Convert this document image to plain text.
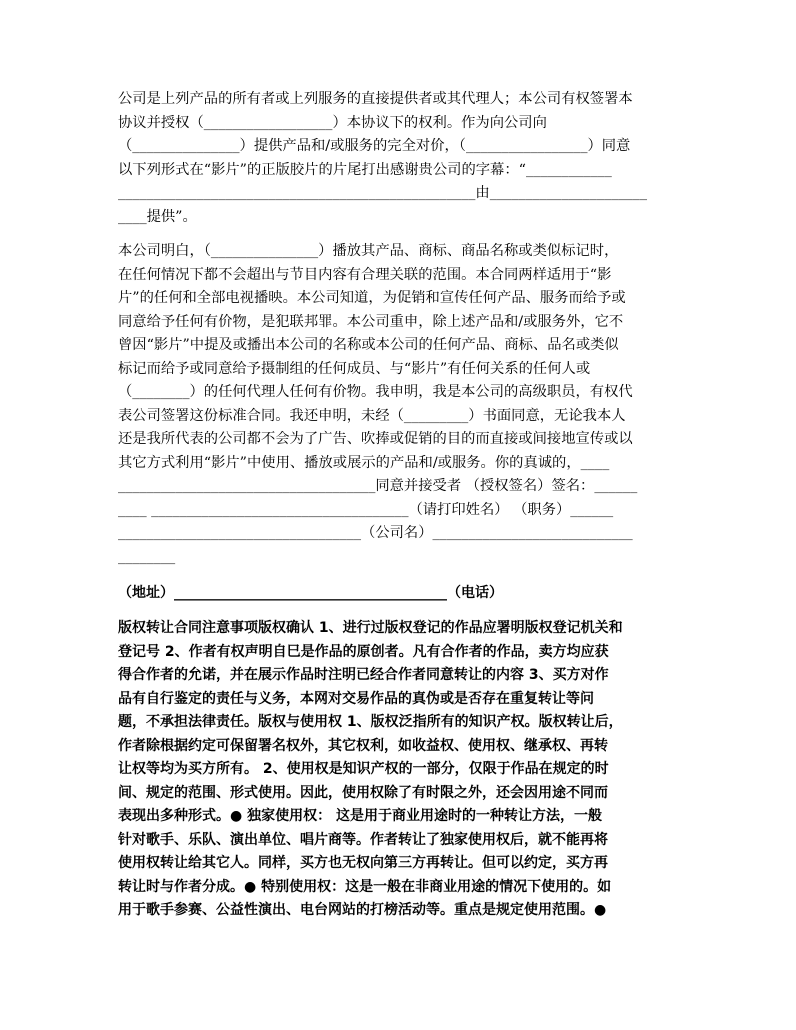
公司是上列产品的所有者或上列服务的直接提供者或其代理人；本公司有权签署本
协议并授权（__________________）本协议下的权利。作为向公司向
（_______________）提供产品和/或服务的完全对价，（_________________）同意
以下列形式在“影片”的正版胶片的片尾打出感谢贵公司的字幕：“____________
__________________________________________________由______________________
____提供”。
本公司明白，（_______________）播放其产品、商标、商品名称或类似标记时，
在任何情况下都不会超出与节目内容有合理关联的范围。本合同两样适用于“影
片”的任何和全部电视播映。本公司知道，为促销和宣传任何产品、服务而给予或
同意给予任何有价物，是犯联邦罪。本公司重申，除上述产品和/或服务外，它不
曾因“影片”中提及或播出本公司的名称或本公司的任何产品、商标、品名或类似
标记而给予或同意给予摄制组的任何成员、与“影片”有任何关系的任何人或
（________）的任何代理人任何有价物。我申明，我是本公司的高级职员，有权代
表公司签署这份标准合同。我还申明，未经（_________）书面同意，无论我本人
还是我所代表的公司都不会为了广告、吹捧或促销的目的而直接或间接地宣传或以
其它方式利用“影片”中使用、播放或展示的产品和/或服务。你的真诚的，____
____________________________________同意并接受者 （授权签名）签名：______
____ ____________________________________（请打印姓名） （职务）______
__________________________________（公司名）____________________________
________
（地址）_______________________________________（电话）
版权转让合同注意事项版权确认 1、进行过版权登记的作品应署明版权登记机关和
登记号 2、作者有权声明自巳是作品的原创者。凡有合作者的作品，卖方均应获
得合作者的允诺，并在展示作品时注明已经合作者同意转让的内容 3、买方对作
品有自行鉴定的责任与义务，本网对交易作品的真伪或是否存在重复转让等问
题，不承担法律责任。版权与使用权 1、版权泛指所有的知识产权。版权转让后，
作者除根据约定可保留署名权外，其它权利，如收益权、使用权、继承权、再转
让权等均为买方所有。 2、使用权是知识产权的一部分，仅限于作品在规定的时
间、规定的范围、形式使用。因此，使用权除了有时限之外，还会因用途不同而
表现出多种形式。● 独家使用权： 这是用于商业用途时的一种转让方法，一般
针对歌手、乐队、演出单位、唱片商等。作者转让了独家使用权后，就不能再将
使用权转让给其它人。同样，买方也无权向第三方再转让。但可以约定，买方再
转让时与作者分成。● 特别使用权：这是一般在非商业用途的情况下使用的。如
用于歌手参赛、公益性演出、电台网站的打榜活动等。重点是规定使用范围。●
